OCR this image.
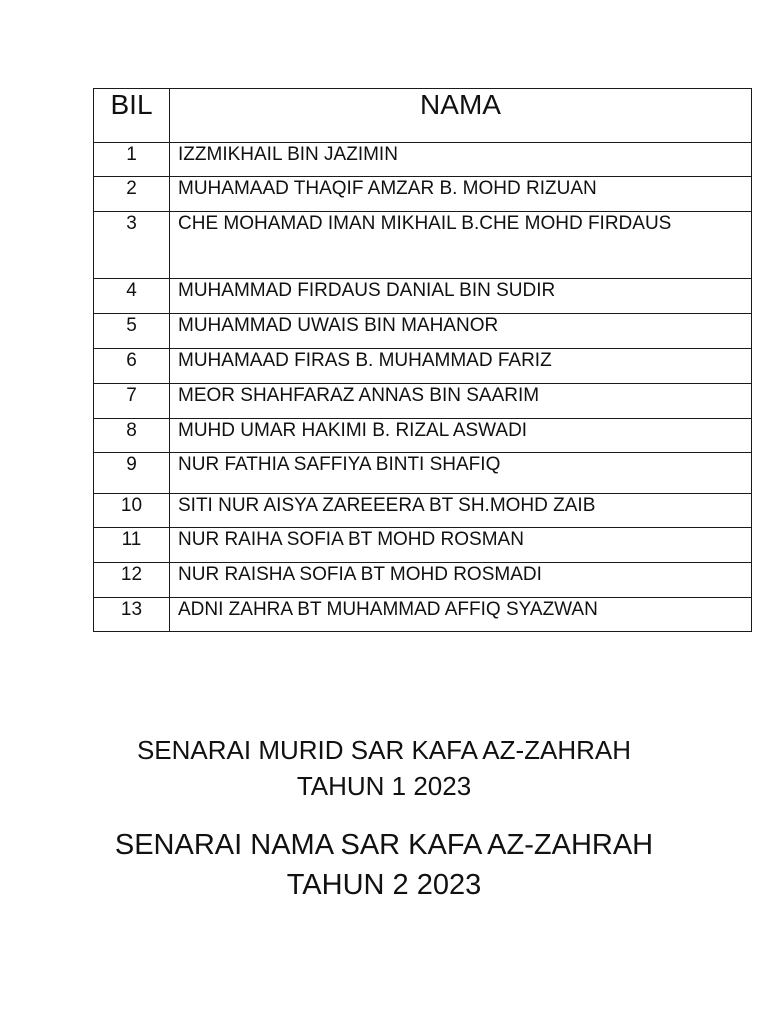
BIL	NAMA
1	IZZMIKHAIL BIN JAZIMIN
2	MUHAMAAD THAQIF AMZAR B. MOHD RIZUAN
3	CHE MOHAMAD IMAN MIKHAIL B.CHE MOHD FIRDAUS
4	MUHAMMAD FIRDAUS DANIAL BIN SUDIR
5	MUHAMMAD UWAIS BIN MAHANOR
6	MUHAMAAD FIRAS B. MUHAMMAD FARIZ
7	MEOR SHAHFARAZ ANNAS BIN SAARIM
8	MUHD UMAR HAKIMI B. RIZAL ASWADI
9	NUR FATHIA SAFFIYA BINTI SHAFIQ
10	SITI NUR AISYA ZAREEERA BT SH.MOHD ZAIB
11	NUR RAIHA SOFIA BT MOHD ROSMAN
12	NUR RAISHA SOFIA BT MOHD ROSMADI
13	ADNI ZAHRA BT MUHAMMAD AFFIQ SYAZWAN
SENARAI MURID SAR KAFA AZ-ZAHRAH
TAHUN 1 2023
SENARAI NAMA SAR KAFA AZ-ZAHRAH
TAHUN 2 2023
